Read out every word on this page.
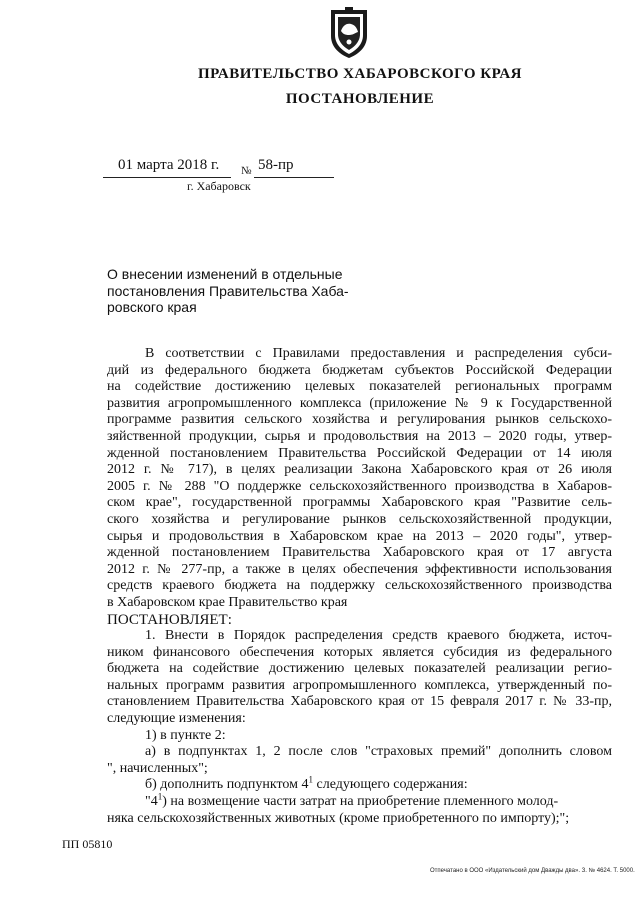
ПРАВИТЕЛЬСТВО ХАБАРОВСКОГО КРАЯ
ПОСТАНОВЛЕНИЕ
01 марта 2018 г. № 58-пр
г. Хабаровск
О внесении изменений в отдельные
постановления Правительства Хаба-
ровского края
В соответствии с Правилами предоставления и распределения субси-
дий из федерального бюджета бюджетам субъектов Российской Федерации
на содействие достижению целевых показателей региональных программ
развития агропромышленного комплекса (приложение № 9 к Государственной
программе развития сельского хозяйства и регулирования рынков сельскохо-
зяйственной продукции, сырья и продовольствия на 2013 – 2020 годы, утвер-
жденной постановлением Правительства Российской Федерации от 14 июля
2012 г. № 717), в целях реализации Закона Хабаровского края от 26 июля
2005 г. № 288 "О поддержке сельскохозяйственного производства в Хабаров-
ском крае", государственной программы Хабаровского края "Развитие сель-
ского хозяйства и регулирование рынков сельскохозяйственной продукции,
сырья и продовольствия в Хабаровском крае на 2013 – 2020 годы", утвер-
жденной постановлением Правительства Хабаровского края от 17 августа
2012 г. № 277-пр, а также в целях обеспечения эффективности использования
средств краевого бюджета на поддержку сельскохозяйственного производства
в Хабаровском крае Правительство края
ПОСТАНОВЛЯЕТ:
1. Внести в Порядок распределения средств краевого бюджета, источ-
ником финансового обеспечения которых является субсидия из федерального
бюджета на содействие достижению целевых показателей реализации регио-
нальных программ развития агропромышленного комплекса, утвержденный по-
становлением Правительства Хабаровского края от 15 февраля 2017 г. № 33-пр,
следующие изменения:
1) в пункте 2:
а) в подпунктах 1, 2 после слов "страховых премий" дополнить словом
", начисленных";
б) дополнить подпунктом $4^1$ следующего содержания:
"$4^1$) на возмещение части затрат на приобретение племенного молод-
няка сельскохозяйственных животных (кроме приобретенного по импорту);";
ПП 05810
Отпечатано в ООО «Издательский дом Дважды два». З. № 4624. Т. 5000.
